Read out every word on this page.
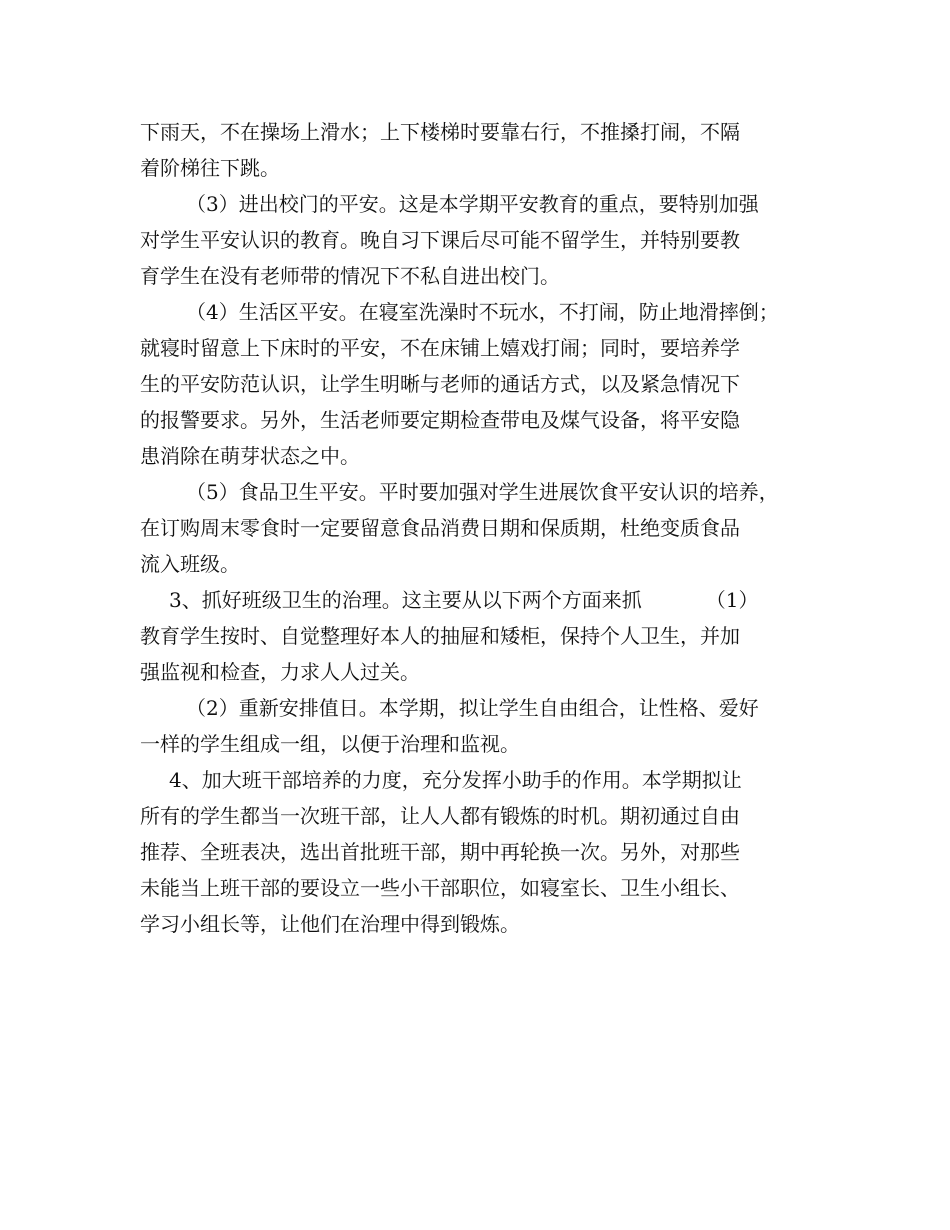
下雨天，不在操场上滑水；上下楼梯时要靠右行，不推搡打闹，不隔
着阶梯往下跳。
（3）进出校门的平安。这是本学期平安教育的重点，要特别加强
对学生平安认识的教育。晚自习下课后尽可能不留学生，并特别要教
育学生在没有老师带的情况下不私自进出校门。
（4）生活区平安。在寝室洗澡时不玩水，不打闹，防止地滑摔倒；
就寝时留意上下床时的平安，不在床铺上嬉戏打闹；同时，要培养学
生的平安防范认识，让学生明晰与老师的通话方式，以及紧急情况下
的报警要求。另外，生活老师要定期检查带电及煤气设备，将平安隐
患消除在萌芽状态之中。
（5）食品卫生平安。平时要加强对学生进展饮食平安认识的培养，
在订购周末零食时一定要留意食品消费日期和保质期，杜绝变质食品
流入班级。
3、抓好班级卫生的治理。这主要从以下两个方面来抓	（1）
教育学生按时、自觉整理好本人的抽屉和矮柜，保持个人卫生，并加
强监视和检查，力求人人过关。
（2）重新安排值日。本学期，拟让学生自由组合，让性格、爱好
一样的学生组成一组，以便于治理和监视。
4、加大班干部培养的力度，充分发挥小助手的作用。本学期拟让
所有的学生都当一次班干部，让人人都有锻炼的时机。期初通过自由
推荐、全班表决，选出首批班干部，期中再轮换一次。另外，对那些
未能当上班干部的要设立一些小干部职位，如寝室长、卫生小组长、
学习小组长等，让他们在治理中得到锻炼。
